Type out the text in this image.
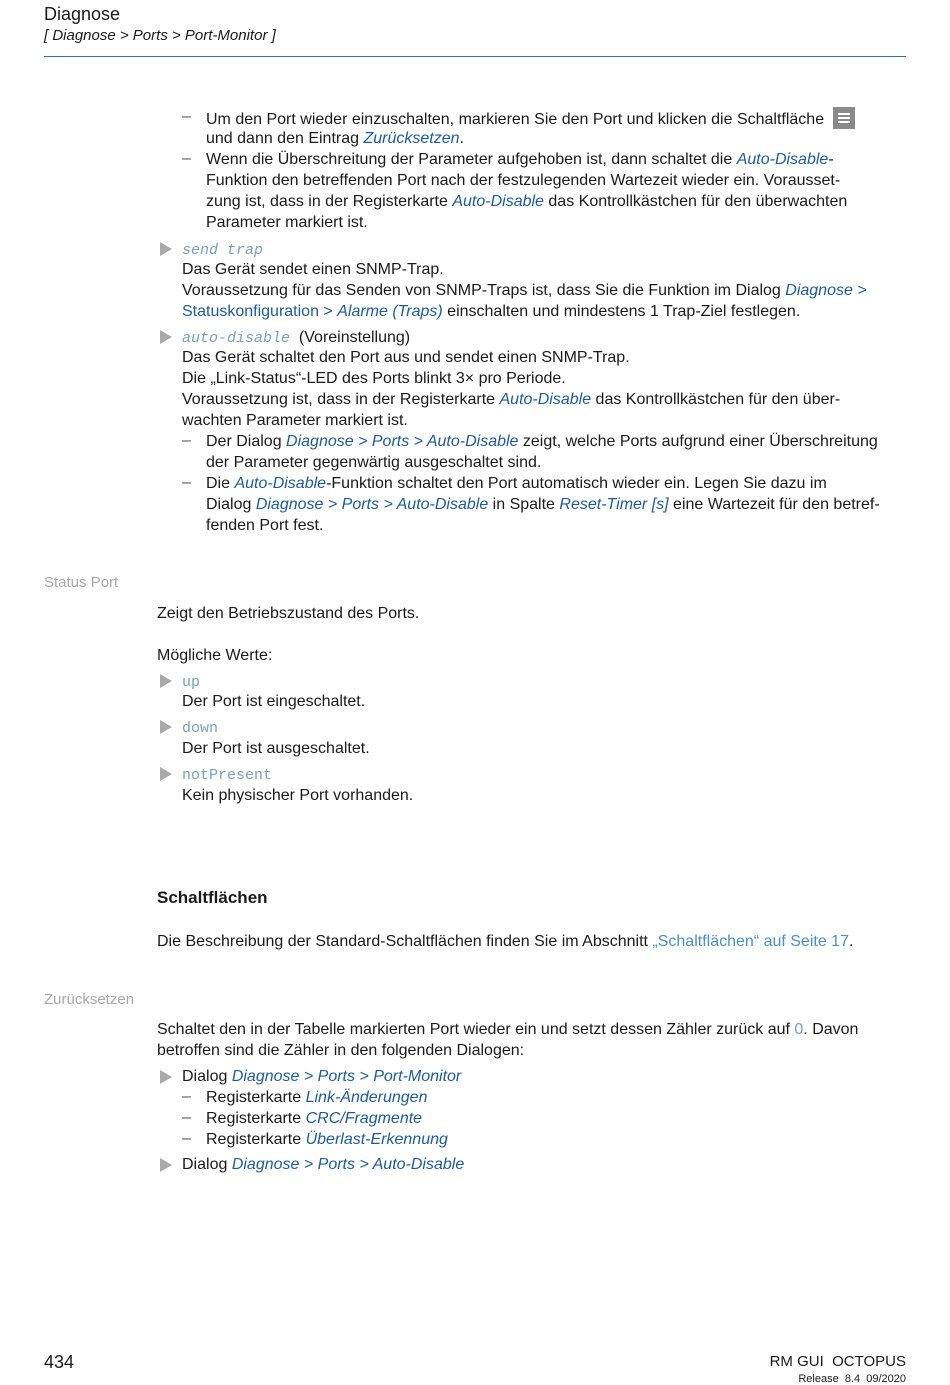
Diagnose
[ Diagnose > Ports > Port-Monitor ]
– Um den Port wieder einzuschalten, markieren Sie den Port und klicken die Schaltfläche
und dann den Eintrag Zurücksetzen.
– Wenn die Überschreitung der Parameter aufgehoben ist, dann schaltet die Auto-Disable-
Funktion den betreffenden Port nach der festzulegenden Wartezeit wieder ein. Vorausset-
zung ist, dass in der Registerkarte Auto-Disable das Kontrollkästchen für den überwachten
Parameter markiert ist.
send trap
Das Gerät sendet einen SNMP-Trap.
Voraussetzung für das Senden von SNMP-Traps ist, dass Sie die Funktion im Dialog Diagnose >
Statuskonfiguration > Alarme (Traps) einschalten und mindestens 1 Trap-Ziel festlegen.
auto-disable (Voreinstellung)
Das Gerät schaltet den Port aus und sendet einen SNMP-Trap.
Die „Link-Status“-LED des Ports blinkt 3× pro Periode.
Voraussetzung ist, dass in der Registerkarte Auto-Disable das Kontrollkästchen für den über-
wachten Parameter markiert ist.
– Der Dialog Diagnose > Ports > Auto-Disable zeigt, welche Ports aufgrund einer Überschreitung
der Parameter gegenwärtig ausgeschaltet sind.
– Die Auto-Disable-Funktion schaltet den Port automatisch wieder ein. Legen Sie dazu im
Dialog Diagnose > Ports > Auto-Disable in Spalte Reset-Timer [s] eine Wartezeit für den betref-
fenden Port fest.
Status Port
Zeigt den Betriebszustand des Ports.
Mögliche Werte:
up
Der Port ist eingeschaltet.
down
Der Port ist ausgeschaltet.
notPresent
Kein physischer Port vorhanden.
Schaltflächen
Die Beschreibung der Standard-Schaltflächen finden Sie im Abschnitt „Schaltflächen“ auf Seite 17.
Zurücksetzen
Schaltet den in der Tabelle markierten Port wieder ein und setzt dessen Zähler zurück auf 0. Davon
betroffen sind die Zähler in den folgenden Dialogen:
Dialog Diagnose > Ports > Port-Monitor
– Registerkarte Link-Änderungen
– Registerkarte CRC/Fragmente
– Registerkarte Überlast-Erkennung
Dialog Diagnose > Ports > Auto-Disable
434	RM GUI  OCTOPUS
Release  8.4  09/2020
